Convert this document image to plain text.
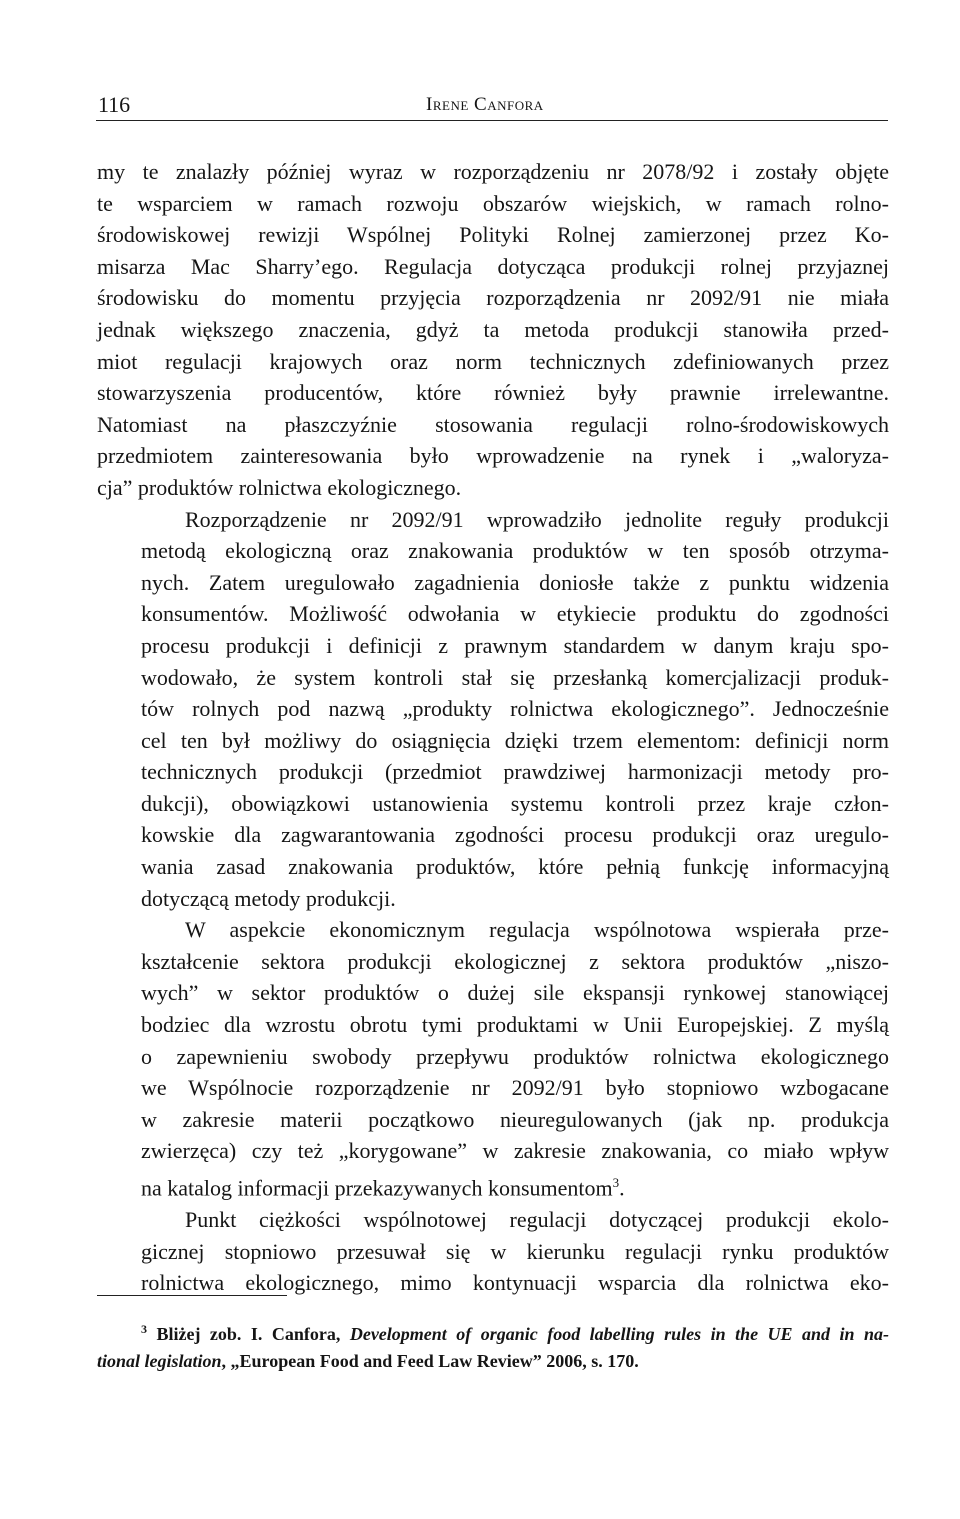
116	Irene Canfora

my te znalazły później wyraz w rozporządzeniu nr 2078/92 i zostały objęte
te wsparciem w ramach rozwoju obszarów wiejskich, w ramach rolno-
środowiskowej rewizji Wspólnej Polityki Rolnej zamierzonej przez Ko-
misarza Mac Sharry’ego. Regulacja dotycząca produkcji rolnej przyjaznej
środowisku do momentu przyjęcia rozporządzenia nr 2092/91 nie miała
jednak większego znaczenia, gdyż ta metoda produkcji stanowiła przed-
miot regulacji krajowych oraz norm technicznych zdefiniowanych przez
stowarzyszenia producentów, które również były prawnie irrelewantne.
Natomiast na płaszczyźnie stosowania regulacji rolno-środowiskowych
przedmiotem zainteresowania było wprowadzenie na rynek i „waloryza-
cja” produktów rolnictwa ekologicznego.

Rozporządzenie nr 2092/91 wprowadziło jednolite reguły produkcji
metodą ekologiczną oraz znakowania produktów w ten sposób otrzyma-
nych. Zatem uregulowało zagadnienia doniosłe także z punktu widzenia
konsumentów. Możliwość odwołania w etykiecie produktu do zgodności
procesu produkcji i definicji z prawnym standardem w danym kraju spo-
wodowało, że system kontroli stał się przesłanką komercjalizacji produk-
tów rolnych pod nazwą „produkty rolnictwa ekologicznego”. Jednocześnie
cel ten był możliwy do osiągnięcia dzięki trzem elementom: definicji norm
technicznych produkcji (przedmiot prawdziwej harmonizacji metody pro-
dukcji), obowiązkowi ustanowienia systemu kontroli przez kraje człon-
kowskie dla zagwarantowania zgodności procesu produkcji oraz uregulo-
wania zasad znakowania produktów, które pełnią funkcję informacyjną
dotyczącą metody produkcji.

W aspekcie ekonomicznym regulacja wspólnotowa wspierała prze-
kształcenie sektora produkcji ekologicznej z sektora produktów „niszo-
wych” w sektor produktów o dużej sile ekspansji rynkowej stanowiącej
bodziec dla wzrostu obrotu tymi produktami w Unii Europejskiej. Z myślą
o zapewnieniu swobody przepływu produktów rolnictwa ekologicznego
we Wspólnocie rozporządzenie nr 2092/91 było stopniowo wzbogacane
w zakresie materii początkowo nieuregulowanych (jak np. produkcja
zwierzęca) czy też „korygowane” w zakresie znakowania, co miało wpływ
na katalog informacji przekazywanych konsumentom$^3$.

Punkt ciężkości wspólnotowej regulacji dotyczącej produkcji ekolo-
gicznej stopniowo przesuwał się w kierunku regulacji rynku produktów
rolnictwa ekologicznego, mimo kontynuacji wsparcia dla rolnictwa eko-

$^3$ Bliżej zob. I. Canfora, Development of organic food labelling rules in the UE and in na-
tional legislation, „European Food and Feed Law Review” 2006, s. 170.
